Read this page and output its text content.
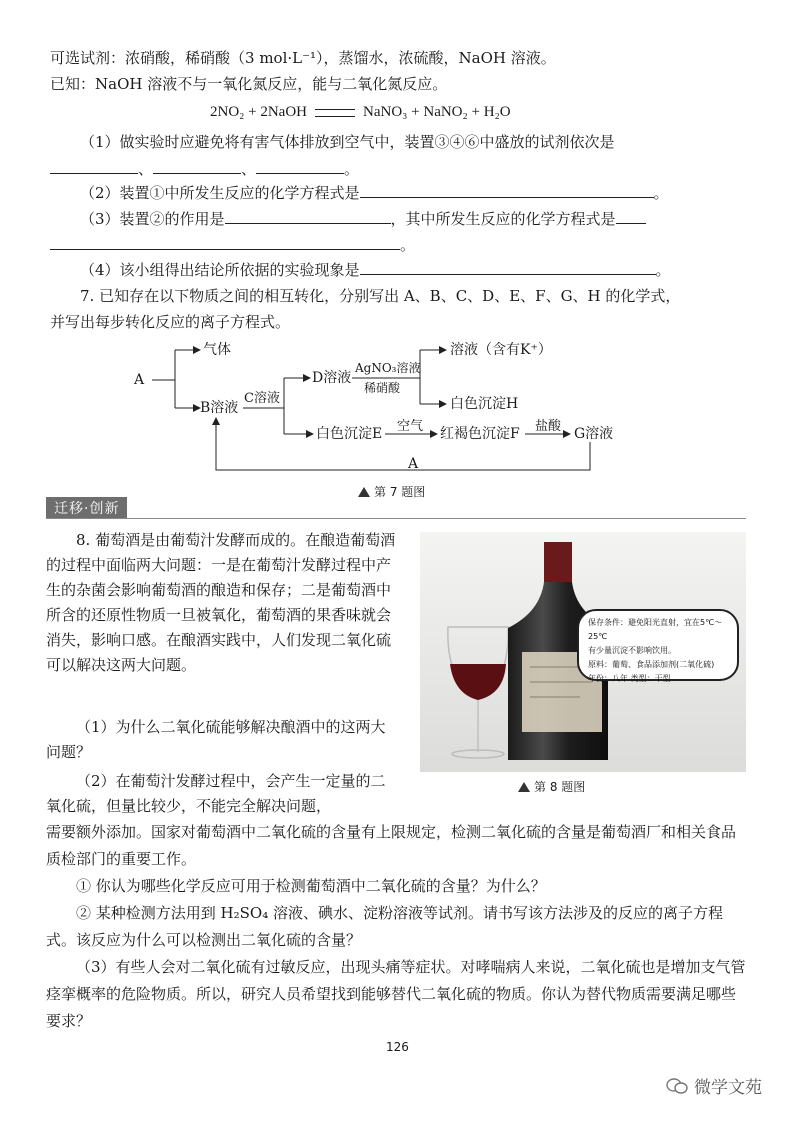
可选试剂：浓硝酸，稀硝酸（3 mol·L⁻¹），蒸馏水，浓硫酸，NaOH 溶液。
已知：NaOH 溶液不与一氧化氮反应，能与二氧化氮反应。
2NO₂ + 2NaOH	NaNO₃ + NaNO₂ + H₂O
（1）做实验时应避免将有害气体排放到空气中，装置③④⑥中盛放的试剂依次是
、	、	。
（2）装置①中所发生反应的化学方程式是	。
（3）装置②的作用是	，其中所发生反应的化学方程式是
。
（4）该小组得出结论所依据的实验现象是	。
7. 已知存在以下物质之间的相互转化，分别写出 A、B、C、D、E、F、G、H 的化学式，
并写出每步转化反应的离子方程式。
A
气体
B溶液
C溶液
D溶液
AgNO₃溶液
稀硝酸
溶液（含有K⁺）
白色沉淀H
白色沉淀E 空气 红褐色沉淀F 盐酸 G溶液
A
第 7 题图
迁移·创新
8. 葡萄酒是由葡萄汁发酵而成的。在酿造葡萄酒的过程中面临两大问题：一是在葡萄汁发酵过程中产生的杂菌会影响葡萄酒的酿造和保存；二是葡萄酒中所含的还原性物质一旦被氧化，葡萄酒的果香味就会消失，影响口感。在酿酒实践中，人们发现二氧化硫可以解决这两大问题。
（1）为什么二氧化硫能够解决酿酒中的这两大问题？
（2）在葡萄汁发酵过程中，会产生一定量的二氧化硫，但量比较少，不能完全解决问题，
保存条件：避免阳光直射，宜在5℃～25℃
有少量沉淀不影响饮用。
原料：葡萄、食品添加剂(二氧化硫)
年份：八年 类型：干型
第 8 题图
需要额外添加。国家对葡萄酒中二氧化硫的含量有上限规定，检测二氧化硫的含量是葡萄酒厂和相关食品质检部门的重要工作。
① 你认为哪些化学反应可用于检测葡萄酒中二氧化硫的含量？为什么？
② 某种检测方法用到 H₂SO₄ 溶液、碘水、淀粉溶液等试剂。请书写该方法涉及的反应的离子方程式。该反应为什么可以检测出二氧化硫的含量？
（3）有些人会对二氧化硫有过敏反应，出现头痛等症状。对哮喘病人来说，二氧化硫也是增加支气管痉挛概率的危险物质。所以，研究人员希望找到能够替代二氧化硫的物质。你认为替代物质需要满足哪些要求？
126
微学文苑
